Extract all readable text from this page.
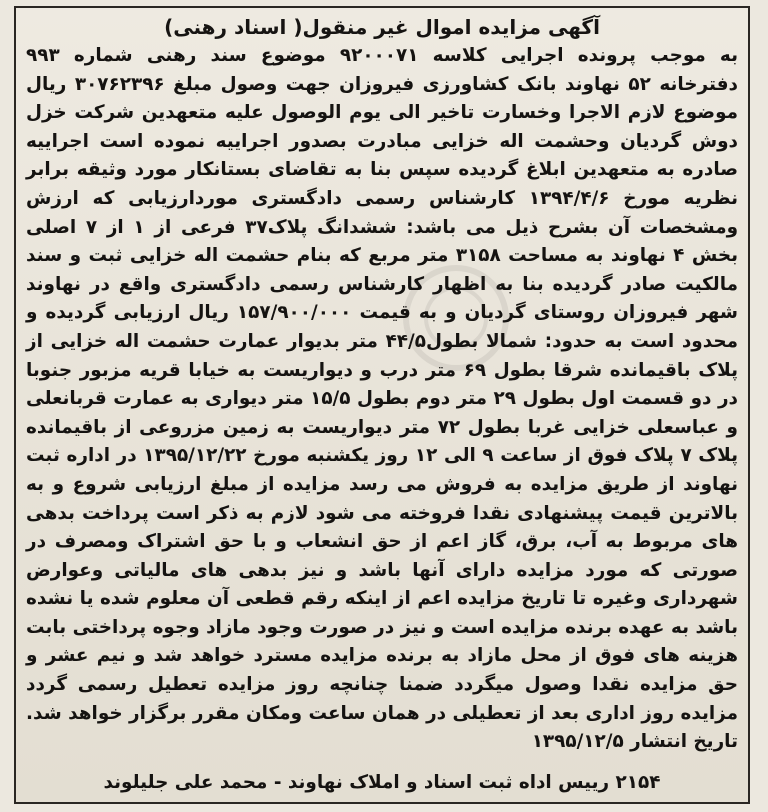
آگهی مزایده اموال غیر منقول( اسناد رهنی)
به موجب پرونده اجرایی کلاسه ۹۲۰۰۰۷۱ موضوع سند رهنی شماره ۹۹۳ دفترخانه ۵۲ نهاوند بانک کشاورزی فیروزان جهت وصول مبلغ ۳۰۷۶۲۳۹۶ ریال موضوع لازم الاجرا وخسارت تاخیر الی یوم الوصول علیه متعهدین شرکت خزل دوش گردیان وحشمت اله خزایی مبادرت بصدور اجراییه نموده است اجراییه صادره به متعهدین ابلاغ گردیده سپس بنا به تقاضای بستانکار مورد وثیقه برابر نظریه مورخ ۱۳۹۴/۴/۶ کارشناس رسمی دادگستری موردارزیابی که ارزش ومشخصات آن بشرح ذیل می باشد: ششدانگ پلاک۳۷ فرعی از ۱ از ۷ اصلی بخش ۴ نهاوند به مساحت ۳۱۵۸ متر مربع که بنام حشمت اله خزایی ثبت و سند مالکیت صادر گردیده بنا به اظهار کارشناس رسمی دادگستری واقع در نهاوند شهر فیروزان روستای گردیان و به قیمت ۱۵۷/۹۰۰/۰۰۰ ریال ارزیابی گردیده و محدود است به حدود: شمالا بطول۴۴/۵ متر بدیوار عمارت حشمت اله خزایی از پلاک باقیمانده شرقا بطول ۶۹ متر درب و دیواریست به خیابا قریه مزبور جنوبا در دو قسمت اول بطول ۲۹ متر دوم بطول ۱۵/۵ متر دیواری به عمارت قربانعلی و عباسعلی خزایی غربا بطول ۷۲ متر دیواریست به زمین مزروعی از باقیمانده پلاک ۷ پلاک فوق از ساعت ۹ الی ۱۲ روز یکشنبه مورخ ۱۳۹۵/۱۲/۲۲ در اداره ثبت نهاوند از طریق مزایده به فروش می رسد مزایده از مبلغ ارزیابی شروع و به بالاترین قیمت پیشنهادی نقدا فروخته می شود لازم به ذکر است پرداخت بدهی های مربوط به آب، برق، گاز اعم از حق انشعاب و با حق اشتراک ومصرف در صورتی که مورد مزایده دارای آنها باشد و نیز بدهی های مالیاتی وعوارض شهرداری وغیره تا تاریخ مزایده اعم از اینکه رقم قطعی آن معلوم شده یا نشده باشد به عهده برنده مزایده است و نیز در صورت وجود مازاد وجوه پرداختی بابت هزینه های فوق از محل مازاد به برنده مزایده مسترد خواهد شد و نیم عشر و حق مزایده نقدا وصول میگردد ضمنا چنانچه روز مزایده تعطیل رسمی گردد مزایده روز اداری بعد از تعطیلی در همان ساعت ومکان مقرر برگزار خواهد شد. تاریخ انتشار ۱۳۹۵/۱۲/۵
۲۱۵۴ رییس اداه ثبت اسناد و املاک نهاوند - محمد علی جلیلوند
